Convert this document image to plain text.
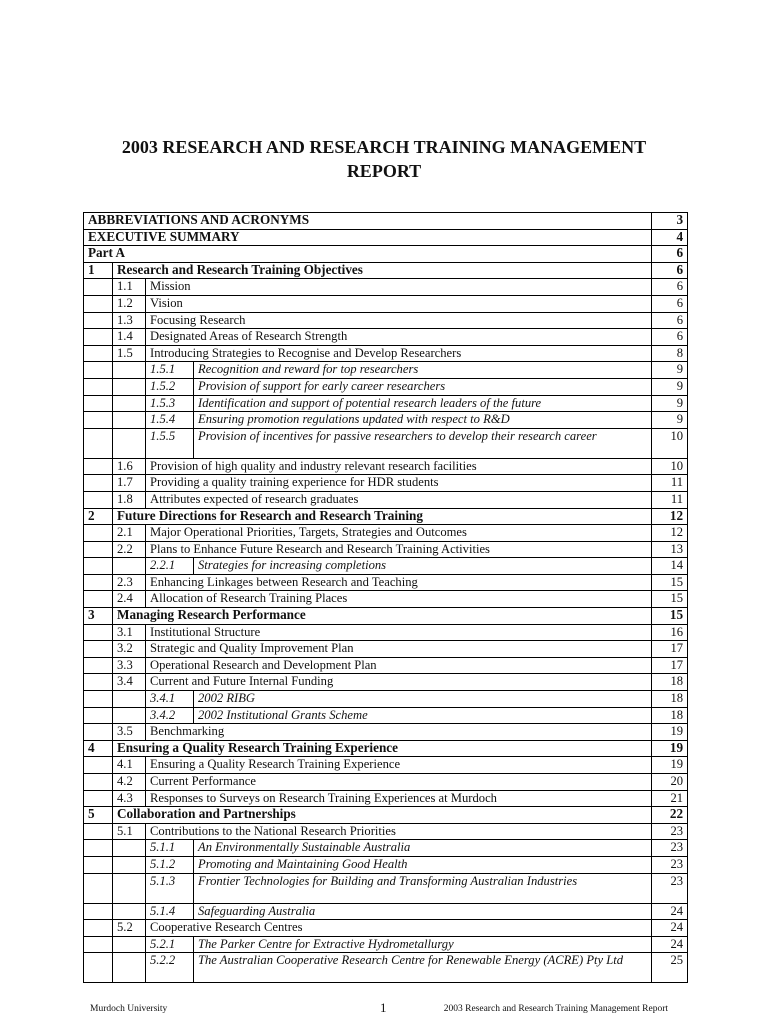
2003 RESEARCH AND RESEARCH TRAINING MANAGEMENT
REPORT
ABBREVIATIONS AND ACRONYMS				3
EXECUTIVE SUMMARY				4
Part A				6
1	Research and Research Training Objectives			6
	1.1	Mission		6
	1.2	Vision		6
	1.3	Focusing Research		6
	1.4	Designated Areas of Research Strength		6
	1.5	Introducing Strategies to Recognise and Develop Researchers		8
		1.5.1	Recognition and reward for top researchers	9
		1.5.2	Provision of support for early career researchers	9
		1.5.3	Identification and support of potential research leaders of the future	9
		1.5.4	Ensuring promotion regulations updated with respect to R&D	9
		1.5.5	Provision of incentives for passive researchers to develop their research career	10
	1.6	Provision of high quality and industry relevant research facilities		10
	1.7	Providing a quality training experience for HDR students		11
	1.8	Attributes expected of research graduates		11
2	Future Directions for Research and Research Training			12
	2.1	Major Operational Priorities, Targets, Strategies and Outcomes		12
	2.2	Plans to Enhance Future Research and Research Training Activities		13
		2.2.1	Strategies for increasing completions	14
	2.3	Enhancing Linkages between Research and Teaching		15
	2.4	Allocation of Research Training Places		15
3	Managing Research Performance			15
	3.1	Institutional Structure		16
	3.2	Strategic and Quality Improvement Plan		17
	3.3	Operational Research and Development Plan		17
	3.4	Current and Future Internal Funding		18
		3.4.1	2002 RIBG	18
		3.4.2	2002 Institutional Grants Scheme	18
	3.5	Benchmarking		19
4	Ensuring a Quality Research Training Experience			19
	4.1	Ensuring a Quality Research Training Experience		19
	4.2	Current Performance		20
	4.3	Responses to Surveys on Research Training Experiences at Murdoch		21
5	Collaboration and Partnerships			22
	5.1	Contributions to the National Research Priorities		23
		5.1.1	An Environmentally Sustainable Australia	23
		5.1.2	Promoting and Maintaining Good Health	23
		5.1.3	Frontier Technologies for Building and Transforming Australian Industries	23
		5.1.4	Safeguarding Australia	24
	5.2	Cooperative Research Centres		24
		5.2.1	The Parker Centre for Extractive Hydrometallurgy	24
		5.2.2	The Australian Cooperative Research Centre for Renewable Energy (ACRE) Pty Ltd	25
Murdoch University	1	2003 Research and Research Training Management Report
